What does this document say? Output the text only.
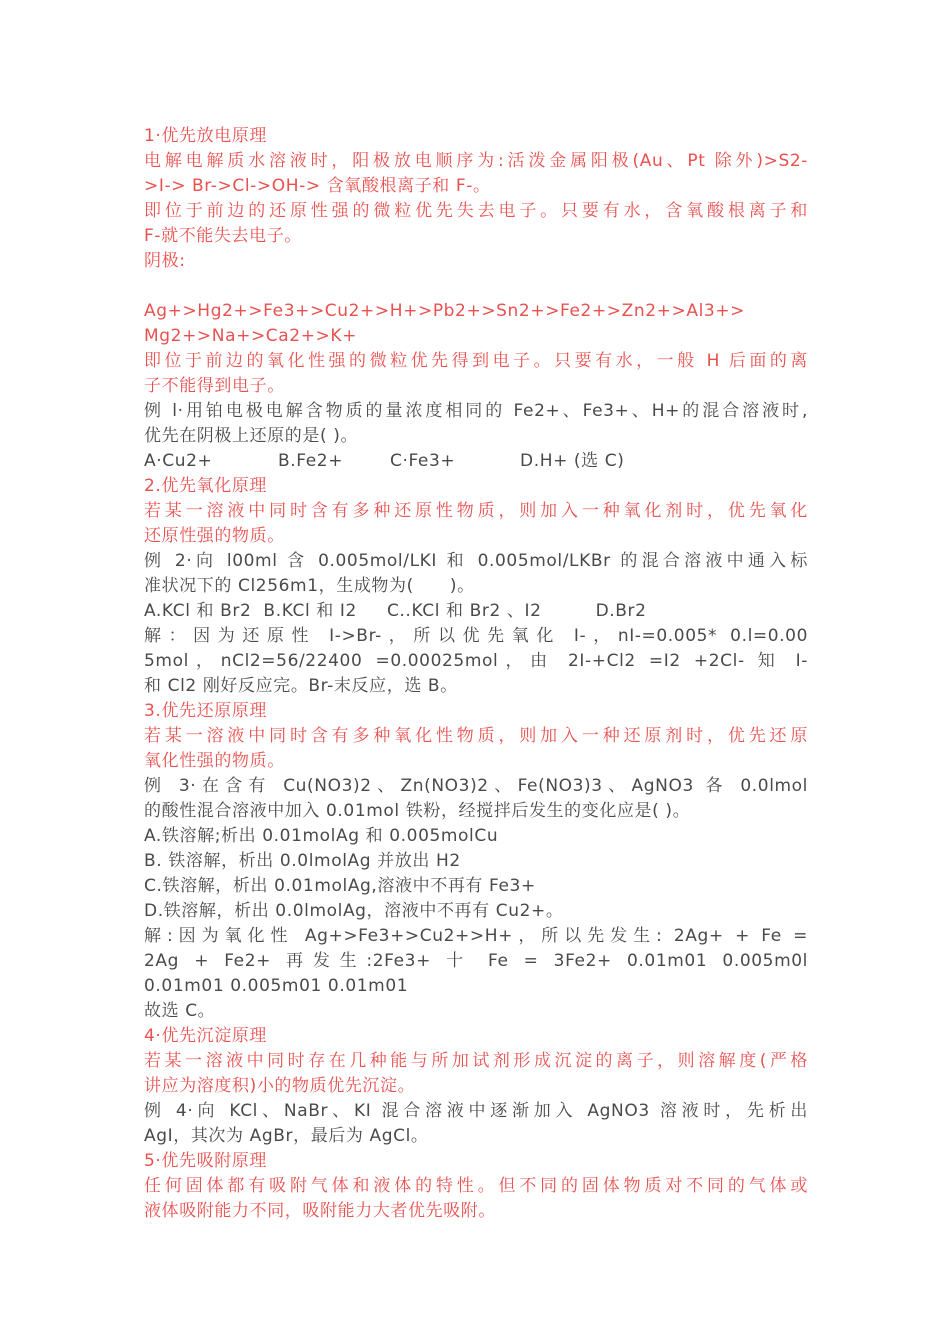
1·优先放电原理
电解电解质水溶液时，阳极放电顺序为:活泼金属阳极(Au、Pt 除外)>S2-
>I-> Br->Cl->OH-> 含氧酸根离子和 F-。
即位于前边的还原性强的微粒优先失去电子。只要有水，含氧酸根离子和
F-就不能失去电子。
阴极:
Ag+>Hg2+>Fe3+>Cu2+>H+>Pb2+>Sn2+>Fe2+>Zn2+>Al3+>
Mg2+>Na+>Ca2+>K+
即位于前边的氧化性强的微粒优先得到电子。只要有水，一般 H 后面的离
子不能得到电子。
例 l·用铂电极电解含物质的量浓度相同的 Fe2+、Fe3+、H+的混合溶液时,
优先在阴极上还原的是( )。
A·Cu2+	B.Fe2+	C·Fe3+	D.H+ (选 C)
2.优先氧化原理
若某一溶液中同时含有多种还原性物质，则加入一种氧化剂时，优先氧化
还原性强的物质。
例 2·向 l00ml 含 0.005mol/LKI 和 0.005mol/LKBr 的混合溶液中通入标
准状况下的 Cl256m1，生成物为(      )。
A.KCl 和 Br2  B.KCl 和 I2     C..KCl 和 Br2 、I2         D.Br2
解：因为还原性 I->Br-，所以优先氧化 I-，nI-=0.005* 0.l=0.00
5mol，nCl2=56/22400 =0.00025mol，由 2I-+Cl2 =I2 +2Cl- 知 I-
和 Cl2 刚好反应完。Br-末反应，选 B。
3.优先还原原理
若某一溶液中同时含有多种氧化性物质，则加入一种还原剂时，优先还原
氧化性强的物质。
例 3·在含有 Cu(NO3)2、Zn(NO3)2、Fe(NO3)3、AgNO3 各 0.0lmol
的酸性混合溶液中加入 0.01mol 铁粉，经搅拌后发生的变化应是( )。
A.铁溶解;析出 0.01molAg 和 0.005molCu
B. 铁溶解，析出 0.0lmolAg 并放出 H2
C.铁溶解，析出 0.01molAg,溶液中不再有 Fe3+
D.铁溶解，析出 0.0lmolAg，溶液中不再有 Cu2+。
解:因为氧化性 Ag+>Fe3+>Cu2+>H+，所以先发生: 2Ag+ + Fe =
2Ag + Fe2+ 再发生:2Fe3+ 十 Fe = 3Fe2+ 0.01m01 0.005m0l
0.01m01 0.005m01 0.01m01
故选 C。
4·优先沉淀原理
若某一溶液中同时存在几种能与所加试剂形成沉淀的离子，则溶解度(严格
讲应为溶度积)小的物质优先沉淀。
例 4·向 KCl、NaBr、KI 混合溶液中逐渐加入 AgNO3 溶液时，先析出
AgI，其次为 AgBr，最后为 AgCl。
5·优先吸附原理
任何固体都有吸附气体和液体的特性。但不同的固体物质对不同的气体或
液体吸附能力不同，吸附能力大者优先吸附。
